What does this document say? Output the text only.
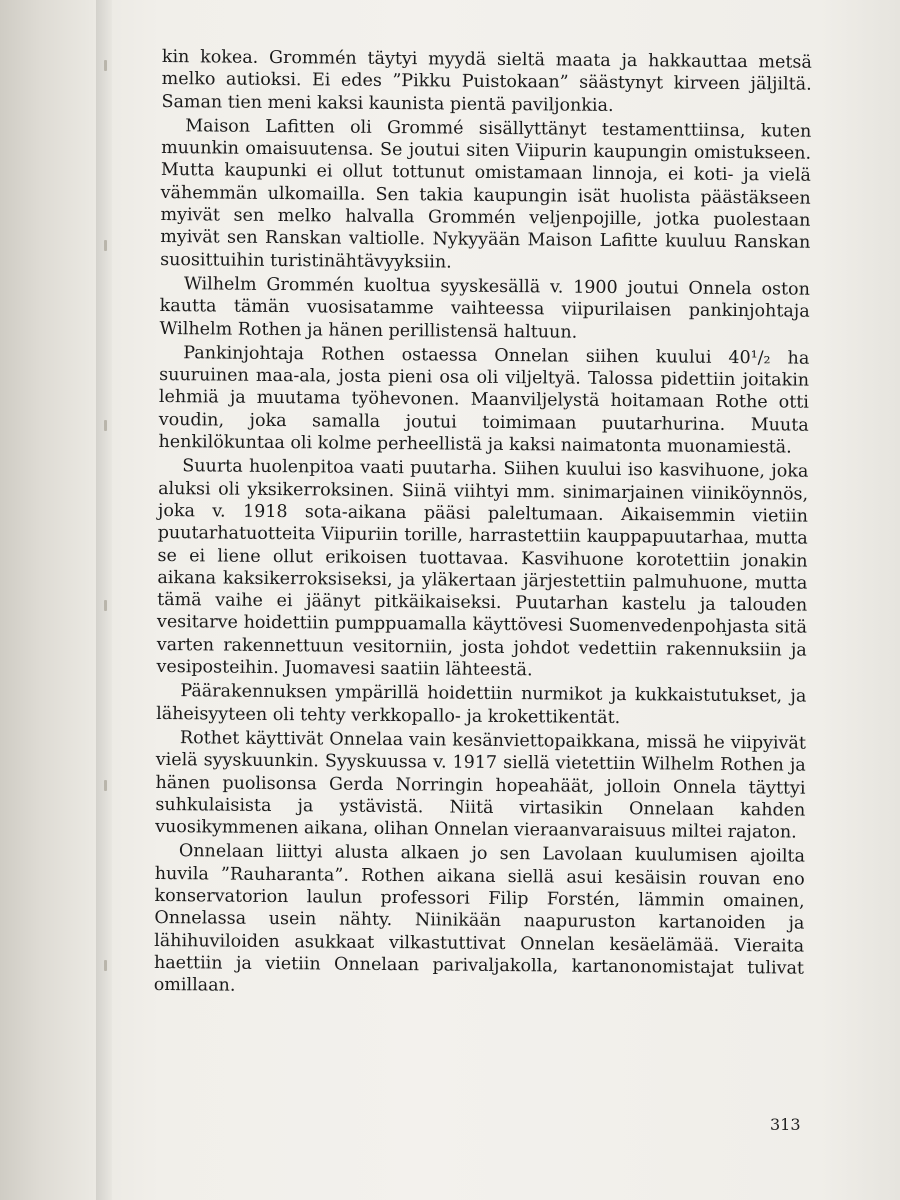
kin kokea. Grommén täytyi myydä sieltä maata ja hakkauttaa metsä melko autioksi. Ei edes ”Pikku Puistokaan” säästynyt kirveen jäljiltä. Saman tien meni kaksi kaunista pientä paviljonkia.

Maison Lafitten oli Grommé sisällyttänyt testamenttiinsa, kuten muunkin omaisuutensa. Se joutui siten Viipurin kaupungin omistukseen. Mutta kaupunki ei ollut tottunut omistamaan linnoja, ei koti- ja vielä vähemmän ulkomailla. Sen takia kaupungin isät huolista päästäkseen myivät sen melko halvalla Grommén veljenpojille, jotka puolestaan myivät sen Ranskan valtiolle. Nykyyään Maison Lafitte kuuluu Ranskan suosittuihin turistinähtävyyksiin.

Wilhelm Grommén kuoltua syyskesällä v. 1900 joutui Onnela oston kautta tämän vuosisatamme vaihteessa viipurilaisen pankinjohtaja Wilhelm Rothen ja hänen perillistensä haltuun.

Pankinjohtaja Rothen ostaessa Onnelan siihen kuului 40¹/₂ ha suuruinen maa-ala, josta pieni osa oli viljeltyä. Talossa pidettiin joitakin lehmiä ja muutama työhevonen. Maanviljelystä hoitamaan Rothe otti voudin, joka samalla joutui toimimaan puutarhurina. Muuta henkilökuntaa oli kolme perheellistä ja kaksi naimatonta muonamiestä.

Suurta huolenpitoa vaati puutarha. Siihen kuului iso kasvihuone, joka aluksi oli yksikerroksinen. Siinä viihtyi mm. sinimarjainen viiniköynnös, joka v. 1918 sota-aikana pääsi paleltumaan. Aikaisemmin vietiin puutarhatuotteita Viipuriin torille, harrastettiin kauppapuutarhaa, mutta se ei liene ollut erikoisen tuottavaa. Kasvihuone korotettiin jonakin aikana kaksikerroksiseksi, ja yläkertaan järjestettiin palmuhuone, mutta tämä vaihe ei jäänyt pitkäikaiseksi. Puutarhan kastelu ja talouden vesitarve hoidettiin pumppuamalla käyttövesi Suomenvedenpohjasta sitä varten rakennettuun vesitorniin, josta johdot vedettiin rakennuksiin ja vesiposteihin. Juomavesi saatiin lähteestä.

Päärakennuksen ympärillä hoidettiin nurmikot ja kukkaistutukset, ja läheisyyteen oli tehty verkkopallo- ja krokettikentät.

Rothet käyttivät Onnelaa vain kesänviettopaikkana, missä he viipyivät vielä syyskuunkin. Syyskuussa v. 1917 siellä vietettiin Wilhelm Rothen ja hänen puolisonsa Gerda Norringin hopeahäät, jolloin Onnela täyttyi suhkulaisista ja ystävistä. Niitä virtasikin Onnelaan kahden vuosikymmenen aikana, olihan Onnelan vieraanvaraisuus miltei rajaton.

Onnelaan liittyi alusta alkaen jo sen Lavolaan kuulumisen ajoilta huvila ”Rauharanta”. Rothen aikana siellä asui kesäisin rouvan eno konservatorion laulun professori Filip Forstén, lämmin omainen, Onnelassa usein nähty. Niinikään naapuruston kartanoiden ja lähihuviloiden asukkaat vilkastuttivat Onnelan kesäelämää. Vieraita haettiin ja vietiin Onnelaan parivaljakolla, kartanonomistajat tulivat omillaan.

313
